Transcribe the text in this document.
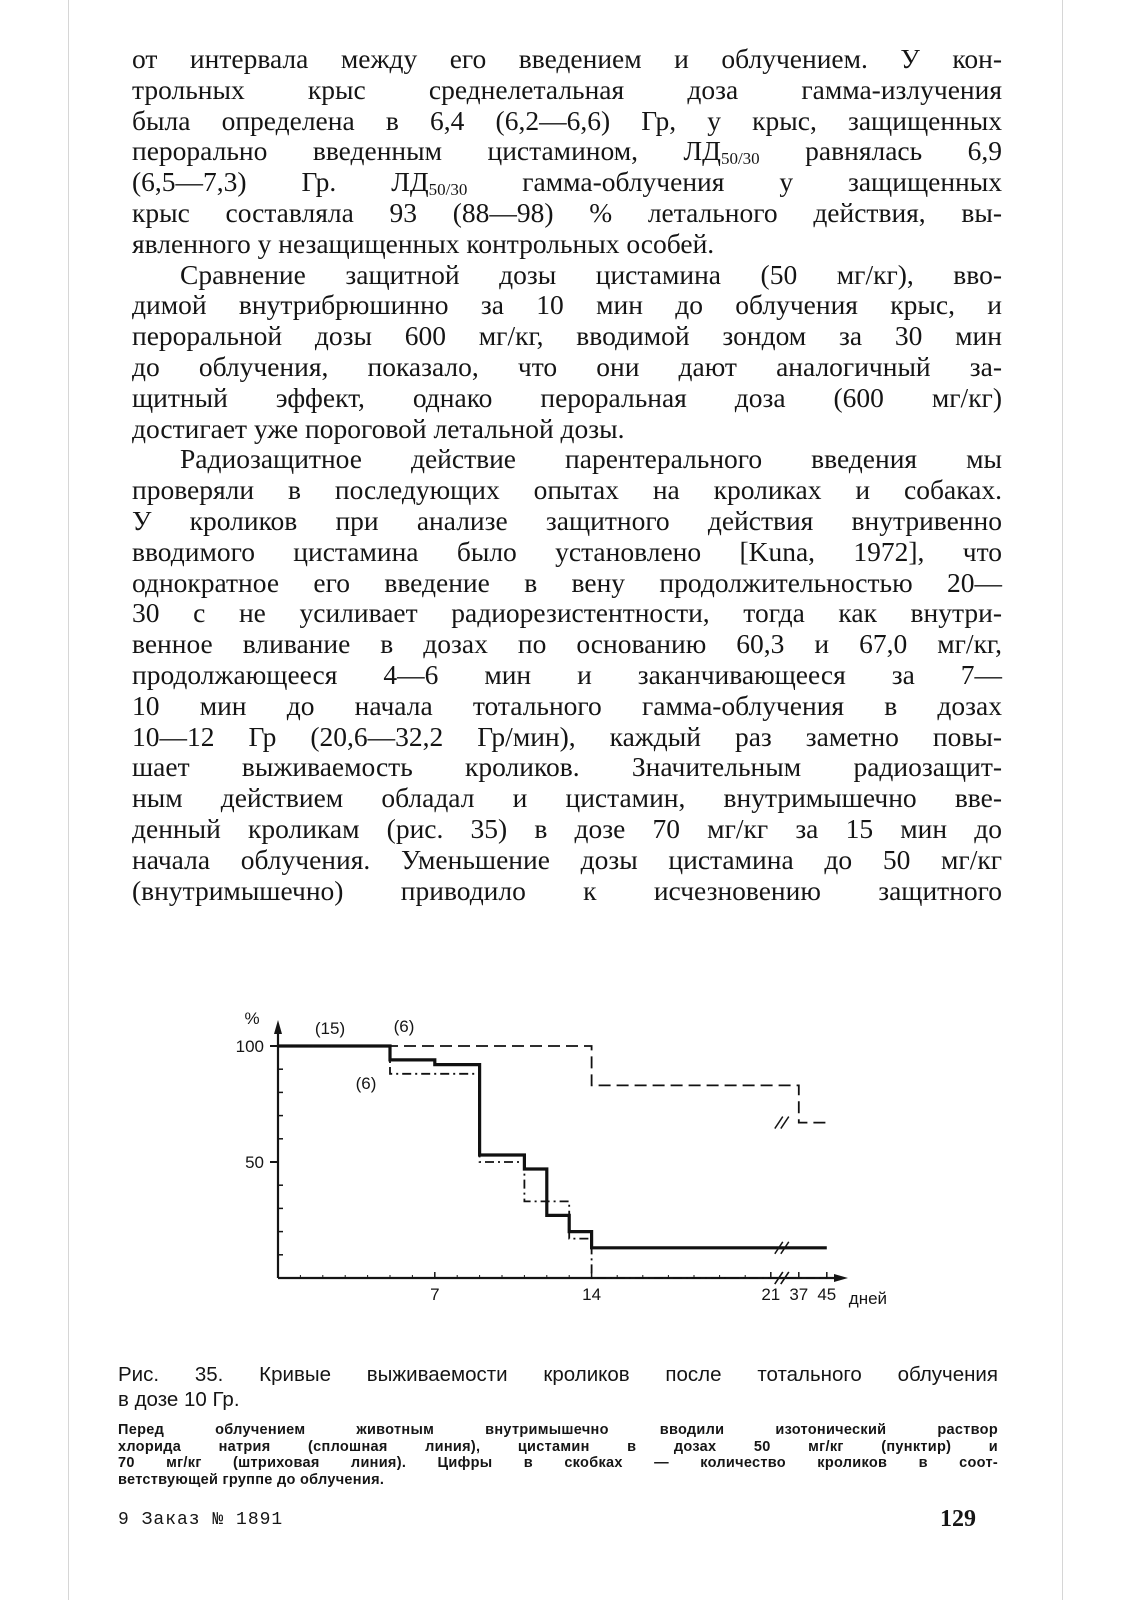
от интервала между его введением и облучением. У кон-
трольных крыс среднелетальная доза гамма-излучения
была определена в 6,4 (6,2—6,6) Гр, у крыс, защищенных
перорально введенным цистамином, $ЛД_{50/30}$ равнялась 6,9
(6,5—7,3) Гр. $ЛД_{50/30}$ гамма-облучения у защищенных
крыс составляла 93 (88—98) % летального действия, вы-
явленного у незащищенных контрольных особей.
Сравнение защитной дозы цистамина (50 мг/кг), вво-
димой внутрибрюшинно за 10 мин до облучения крыс, и
пероральной дозы 600 мг/кг, вводимой зондом за 30 мин
до облучения, показало, что они дают аналогичный за-
щитный эффект, однако пероральная доза (600 мг/кг)
достигает уже пороговой летальной дозы.
Радиозащитное действие парентерального введения мы
проверяли в последующих опытах на кроликах и собаках.
У кроликов при анализе защитного действия внутривенно
вводимого цистамина было установлено [Kuna, 1972], что
однократное его введение в вену продолжительностью 20—
30 с не усиливает радиорезистентности, тогда как внутри-
венное вливание в дозах по основанию 60,3 и 67,0 мг/кг,
продолжающееся 4—6 мин и заканчивающееся за 7—
10 мин до начала тотального гамма-облучения в дозах
10—12 Гр (20,6—32,2 Гр/мин), каждый раз заметно повы-
шает выживаемость кроликов. Значительным радиозащит-
ным действием обладал и цистамин, внутримышечно вве-
денный кроликам (рис. 35) в дозе 70 мг/кг за 15 мин до
начала облучения. Уменьшение дозы цистамина до 50 мг/кг
(внутримышечно) приводило к исчезновению защитного
100
50
%
7	14	21 37 45 дней
(15)	(6)
(6)
Рис. 35. Кривые выживаемости кроликов после тотального облучения
в дозе 10 Гр.
Перед облучением животным внутримышечно вводили изотонический раствор
хлорида натрия (сплошная линия), цистамин в дозах 50 мг/кг (пунктир) и
70 мг/кг (штриховая линия). Цифры в скобках — количество кроликов в соот-
ветствующей группе до облучения.
9 Заказ № 1891	129
